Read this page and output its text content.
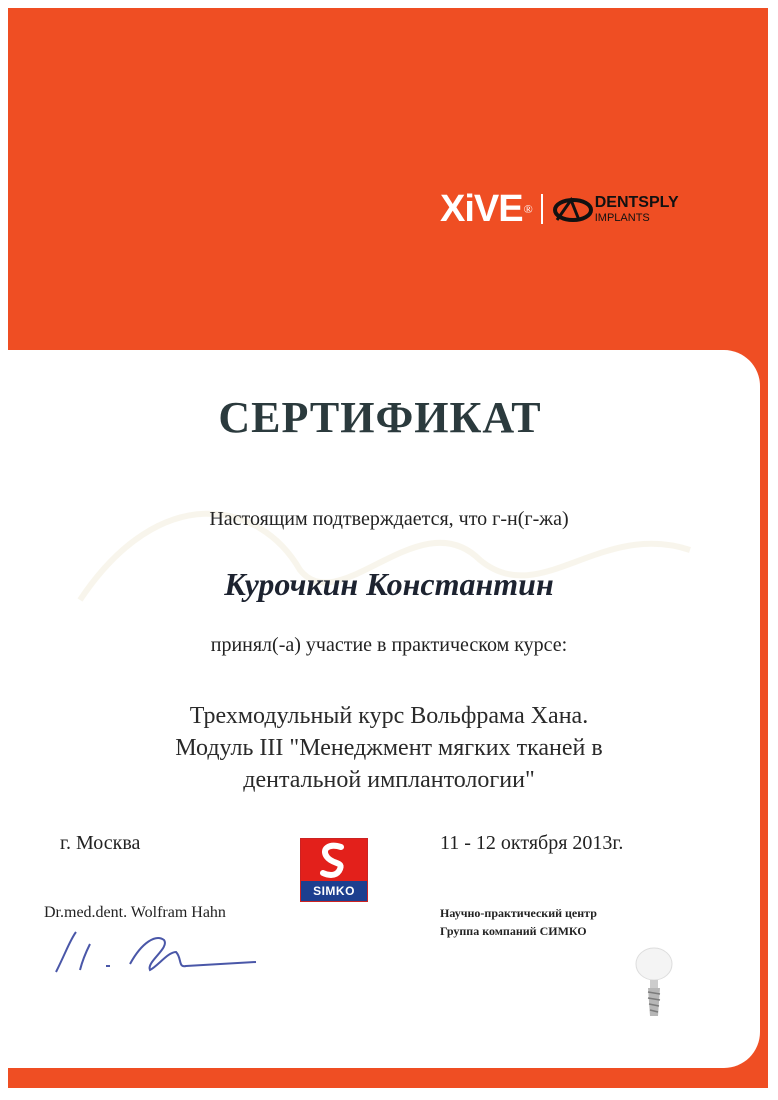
XiVE ®	DENTSPLY
IMPLANTS
СЕРТИФИКАТ
Настоящим подтверждается, что г-н(г-жа)
Курочкин Константин
принял(-а) участие в практическом курсе:
Трехмодульный курс Вольфрама Хана.
Модуль III "Менеджмент мягких тканей в
дентальной имплантологии"
г. Москва
SIMKO
11 - 12 октября 2013г.
Dr.med.dent. Wolfram Hahn	Научно-практический центр
Группа компаний СИМКО
